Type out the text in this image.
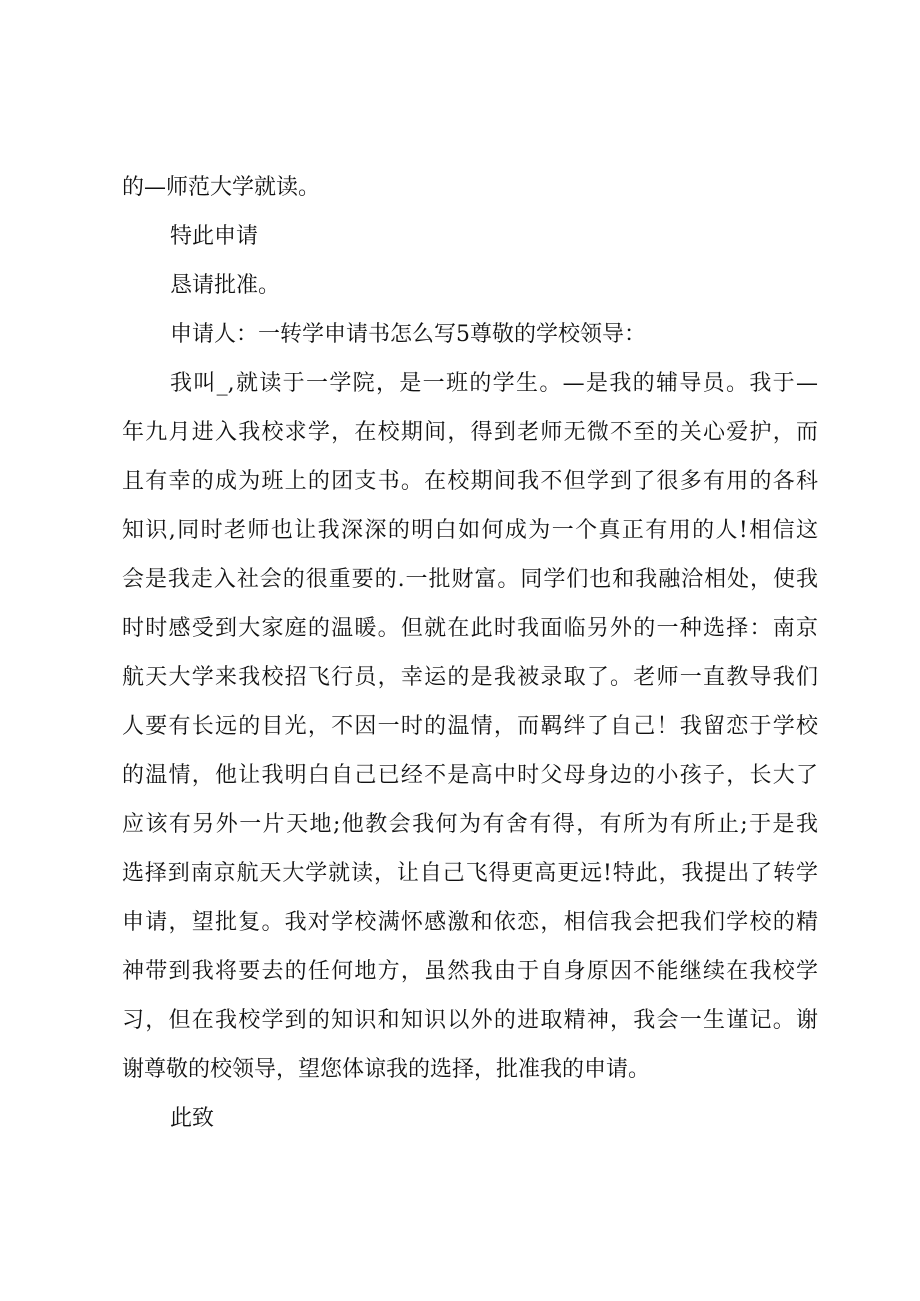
的—师范大学就读。
特此申请
恳请批准。
申请人：一转学申请书怎么写5尊敬的学校领导：
我叫_,就读于一学院，是一班的学生。—是我的辅导员。我于—
年九月进入我校求学，在校期间，得到老师无微不至的关心爱护，而
且有幸的成为班上的团支书。在校期间我不但学到了很多有用的各科
知识,同时老师也让我深深的明白如何成为一个真正有用的人!相信这
会是我走入社会的很重要的.一批财富。同学们也和我融洽相处，使我
时时感受到大家庭的温暖。但就在此时我面临另外的一种选择：南京
航天大学来我校招飞行员，幸运的是我被录取了。老师一直教导我们
人要有长远的目光，不因一时的温情，而羁绊了自己！我留恋于学校
的温情，他让我明白自己已经不是高中时父母身边的小孩子，长大了
应该有另外一片天地;他教会我何为有舍有得，有所为有所止;于是我
选择到南京航天大学就读，让自己飞得更高更远!特此，我提出了转学
申请，望批复。我对学校满怀感激和依恋，相信我会把我们学校的精
神带到我将要去的任何地方，虽然我由于自身原因不能继续在我校学
习，但在我校学到的知识和知识以外的进取精神，我会一生谨记。谢
谢尊敬的校领导，望您体谅我的选择，批准我的申请。
此致
